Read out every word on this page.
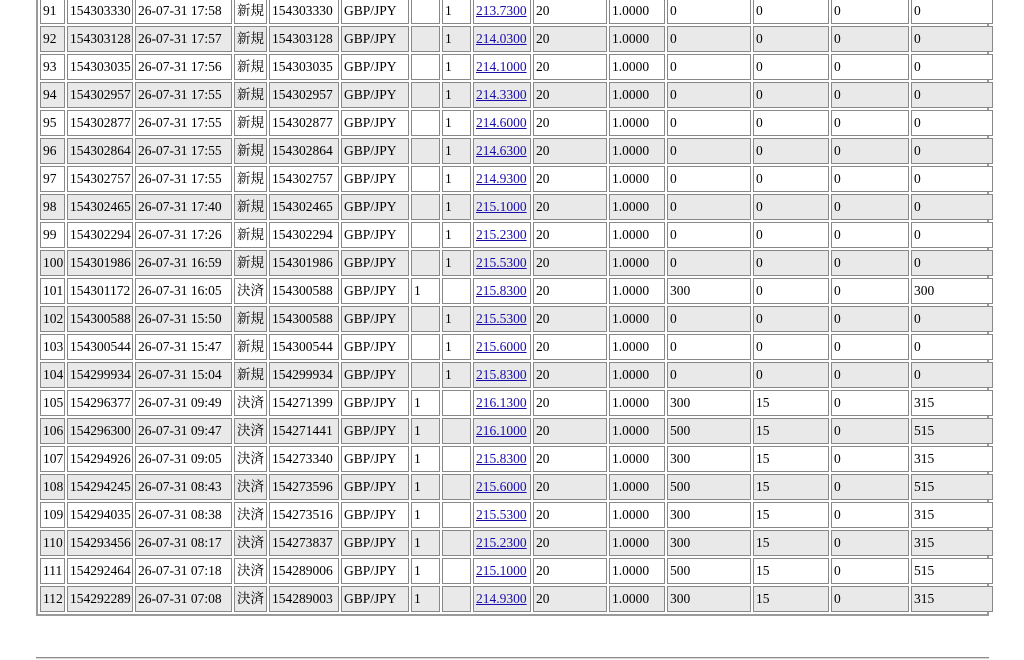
91	154303330	26-07-31 17:58	新規	154303330	GBP/JPY		1	213.7300	20	1.0000	0	0	0	0
92	154303128	26-07-31 17:57	新規	154303128	GBP/JPY		1	214.0300	20	1.0000	0	0	0	0
93	154303035	26-07-31 17:56	新規	154303035	GBP/JPY		1	214.1000	20	1.0000	0	0	0	0
94	154302957	26-07-31 17:55	新規	154302957	GBP/JPY		1	214.3300	20	1.0000	0	0	0	0
95	154302877	26-07-31 17:55	新規	154302877	GBP/JPY		1	214.6000	20	1.0000	0	0	0	0
96	154302864	26-07-31 17:55	新規	154302864	GBP/JPY		1	214.6300	20	1.0000	0	0	0	0
97	154302757	26-07-31 17:55	新規	154302757	GBP/JPY		1	214.9300	20	1.0000	0	0	0	0
98	154302465	26-07-31 17:40	新規	154302465	GBP/JPY		1	215.1000	20	1.0000	0	0	0	0
99	154302294	26-07-31 17:26	新規	154302294	GBP/JPY		1	215.2300	20	1.0000	0	0	0	0
100	154301986	26-07-31 16:59	新規	154301986	GBP/JPY		1	215.5300	20	1.0000	0	0	0	0
101	154301172	26-07-31 16:05	決済	154300588	GBP/JPY	1		215.8300	20	1.0000	300	0	0	300
102	154300588	26-07-31 15:50	新規	154300588	GBP/JPY		1	215.5300	20	1.0000	0	0	0	0
103	154300544	26-07-31 15:47	新規	154300544	GBP/JPY		1	215.6000	20	1.0000	0	0	0	0
104	154299934	26-07-31 15:04	新規	154299934	GBP/JPY		1	215.8300	20	1.0000	0	0	0	0
105	154296377	26-07-31 09:49	決済	154271399	GBP/JPY	1		216.1300	20	1.0000	300	15	0	315
106	154296300	26-07-31 09:47	決済	154271441	GBP/JPY	1		216.1000	20	1.0000	500	15	0	515
107	154294926	26-07-31 09:05	決済	154273340	GBP/JPY	1		215.8300	20	1.0000	300	15	0	315
108	154294245	26-07-31 08:43	決済	154273596	GBP/JPY	1		215.6000	20	1.0000	500	15	0	515
109	154294035	26-07-31 08:38	決済	154273516	GBP/JPY	1		215.5300	20	1.0000	300	15	0	315
110	154293456	26-07-31 08:17	決済	154273837	GBP/JPY	1		215.2300	20	1.0000	300	15	0	315
111	154292464	26-07-31 07:18	決済	154289006	GBP/JPY	1		215.1000	20	1.0000	500	15	0	515
112	154292289	26-07-31 07:08	決済	154289003	GBP/JPY	1		214.9300	20	1.0000	300	15	0	315
